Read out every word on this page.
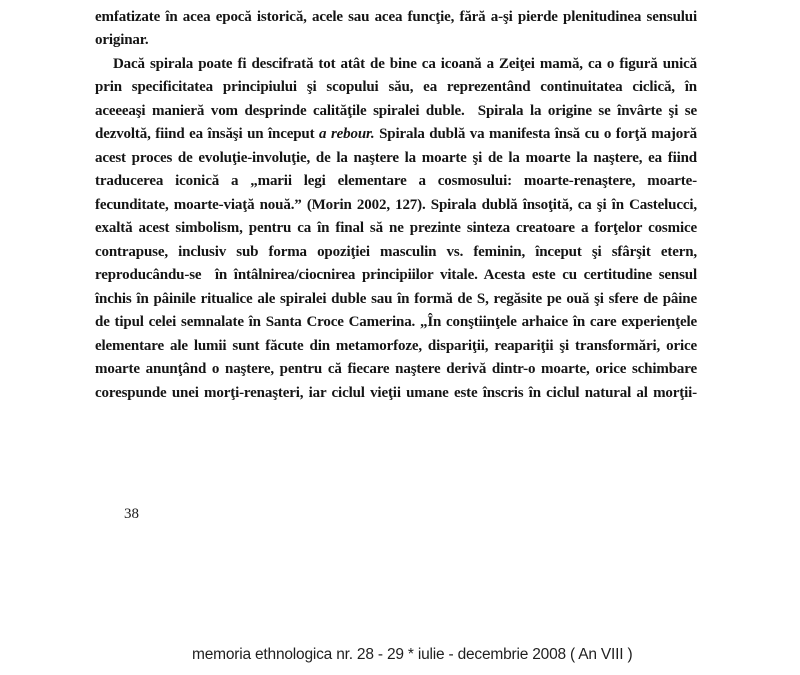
emfatizate în acea epocă istorică, acele sau acea funcţie, fără a-şi pierde plenitudinea sensului
originar.
Dacă spirala poate fi descifrată tot atât de bine ca icoană a Zeiţei mamă, ca o figură unică
prin specificitatea principiului şi scopului său, ea reprezentând continuitatea ciclică, în
aceeeaşi manieră vom desprinde calităţile spiralei duble.  Spirala la origine se învârte şi se
dezvoltă, fiind ea însăşi un început a rebour. Spirala dublă va manifesta însă cu o forţă majoră
acest proces de evoluţie-involuţie, de la naştere la moarte şi de la moarte la naştere, ea fiind
traducerea iconică a „marii legi elementare a cosmosului: moarte-renaştere, moarte-
fecunditate, moarte-viaţă nouă.” (Morin 2002, 127). Spirala dublă însoţită, ca şi în Castelucci,
exaltă acest simbolism, pentru ca în final să ne prezinte sinteza creatoare a forţelor cosmice
contrapuse, inclusiv sub forma opoziţiei masculin vs. feminin, început şi sfârşit etern,
reproducându-se  în întâlnirea/ciocnirea principiilor vitale. Acesta este cu certitudine sensul
închis în pâinile ritualice ale spiralei duble sau în formă de S, regăsite pe ouă şi sfere de pâine
de tipul celei semnalate în Santa Croce Camerina. „În conştiinţele arhaice în care experienţele
elementare ale lumii sunt făcute din metamorfoze, dispariţii, reapariţii şi transformări, orice
moarte anunţând o naştere, pentru că fiecare naştere derivă dintr-o moarte, orice schimbare
corespunde unei morţi-renaşteri, iar ciclul vieţii umane este înscris în ciclul natural al morţii-
38
memoria ethnologica nr. 28 - 29 * iulie - decembrie 2008 ( An VIII )
